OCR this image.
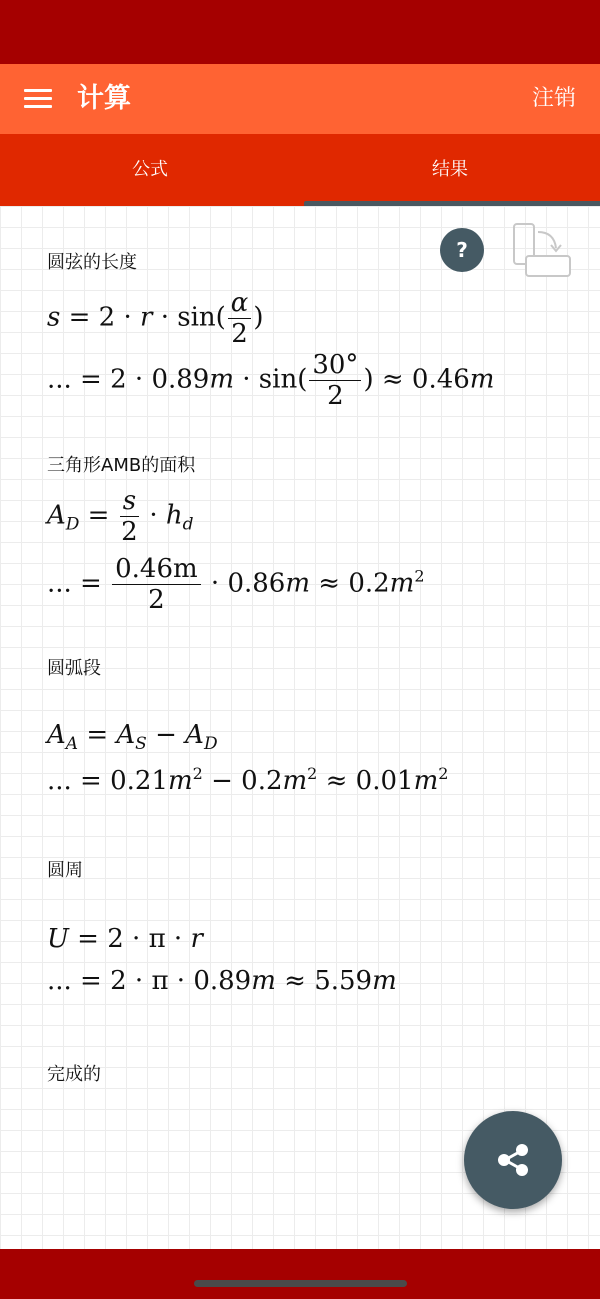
计算	注销
公式	结果
?
圆弦的长度
$s = 2 \cdot r \cdot \sin( \frac{\alpha}{2}$ )
... = $2 \cdot 0.89m \cdot \sin( \frac{30^\circ}{2}$ ) ≈ 0.46m
三角形AMB的面积
$A_D = \frac{s}{2} \cdot h_d$
... = $\frac{0.46m}{2} \cdot 0.86m \approx 0.2m^2$
圆弧段
$A_A = A_S - A_D$
... = $0.21m^2 - 0.2m^2 \approx 0.01m^2$
圆周
U = 2 · π · r
... = 2 · π · 0.89m ≈ 5.59m
完成的
